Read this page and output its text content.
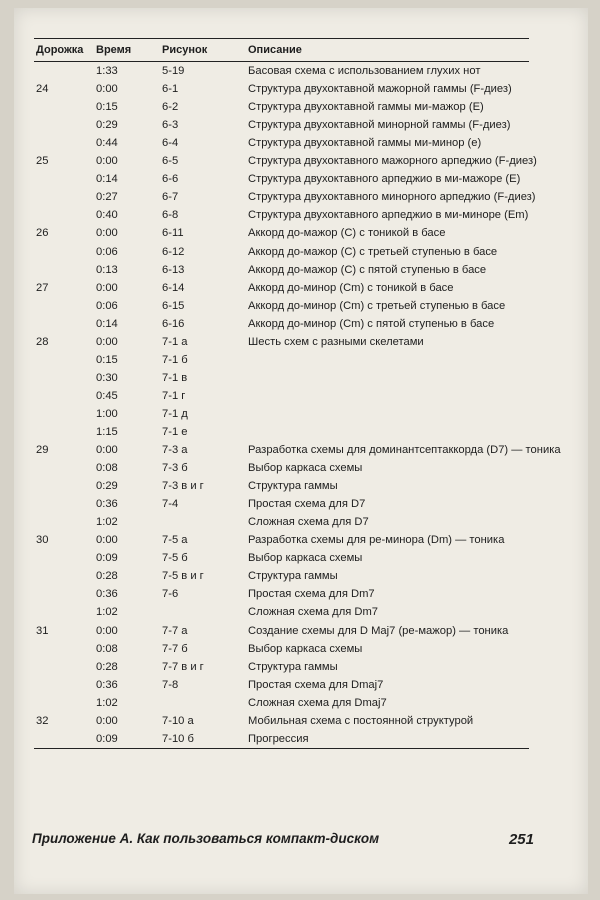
Дорожка	Время	Рисунок	Описание
	1:33	5-19	Басовая схема с использованием глухих нот
24	0:00	6-1	Структура двухоктавной мажорной гаммы (F-диез)
	0:15	6-2	Структура двухоктавной гаммы ми-мажор (E)
	0:29	6-3	Структура двухоктавной минорной гаммы (F-диез)
	0:44	6-4	Структура двухоктавной гаммы ми-минор (e)
25	0:00	6-5	Структура двухоктавного мажорного арпеджио (F-диез)
	0:14	6-6	Структура двухоктавного арпеджио в ми-мажоре (E)
	0:27	6-7	Структура двухоктавного минорного арпеджио (F-диез)
	0:40	6-8	Структура двухоктавного арпеджио в ми-миноре (Em)
26	0:00	6-11	Аккорд до-мажор (C) с тоникой в басе
	0:06	6-12	Аккорд до-мажор (C) с третьей ступенью в басе
	0:13	6-13	Аккорд до-мажор (C) с пятой ступенью в басе
27	0:00	6-14	Аккорд до-минор (Cm) с тоникой в басе
	0:06	6-15	Аккорд до-минор (Cm) с третьей ступенью в басе
	0:14	6-16	Аккорд до-минор (Cm) с пятой ступенью в басе
28	0:00	7-1 а	Шесть схем с разными скелетами
	0:15	7-1 б	
	0:30	7-1 в	
	0:45	7-1 г	
	1:00	7-1 д	
	1:15	7-1 е	
29	0:00	7-3 а	Разработка схемы для доминантсептаккорда (D7) — тоника
	0:08	7-3 б	Выбор каркаса схемы
	0:29	7-3 в и г	Структура гаммы
	0:36	7-4	Простая схема для D7
	1:02		Сложная схема для D7
30	0:00	7-5 а	Разработка схемы для ре-минора (Dm) — тоника
	0:09	7-5 б	Выбор каркаса схемы
	0:28	7-5 в и г	Структура гаммы
	0:36	7-6	Простая схема для Dm7
	1:02		Сложная схема для Dm7
31	0:00	7-7 а	Создание схемы для D Maj7 (ре-мажор) — тоника
	0:08	7-7 б	Выбор каркаса схемы
	0:28	7-7 в и г	Структура гаммы
	0:36	7-8	Простая схема для Dmaj7
	1:02		Сложная схема для Dmaj7
32	0:00	7-10 а	Мобильная схема с постоянной структурой
	0:09	7-10 б	Прогрессия
Приложение А. Как пользоваться компакт-диском	251
